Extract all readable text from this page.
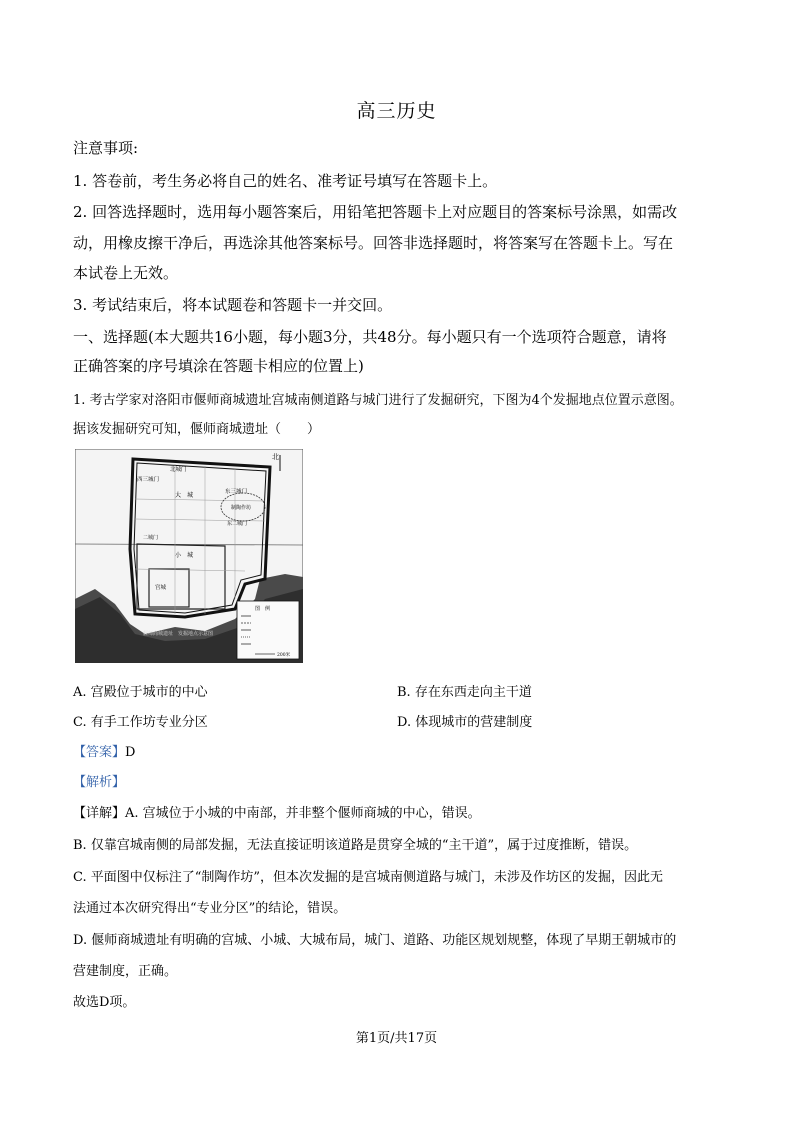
高三历史
注意事项:
1. 答卷前，考生务必将自己的姓名、准考证号填写在答题卡上。
2. 回答选择题时，选用每小题答案后，用铅笔把答题卡上对应题目的答案标号涂黑，如需改
动，用橡皮擦干净后，再选涂其他答案标号。回答非选择题时，将答案写在答题卡上。写在
本试卷上无效。
3. 考试结束后，将本试题卷和答题卡一并交回。
一、选择题(本大题共16小题，每小题3分，共48分。每小题只有一个选项符合题意，请将
正确答案的序号填涂在答题卡相应的位置上)
1. 考古学家对洛阳市偃师商城遗址宫城南侧道路与城门进行了发掘研究，下图为4个发掘地点位置示意图。
据该发掘研究可知，偃师商城遗址（　　）
北
西三城门
北城门
大　城	东三城门
制陶作坊
东二城门
二城门
小　城
宫城
图　例
200米
偃师商城遗址　发掘地点示意图
A. 宫殿位于城市的中心	B. 存在东西走向主干道
C. 有手工作坊专业分区	D. 体现城市的营建制度
【答案】D
【解析】
【详解】A. 宫城位于小城的中南部，并非整个偃师商城的中心，错误。
B. 仅靠宫城南侧的局部发掘，无法直接证明该道路是贯穿全城的“主干道”，属于过度推断，错误。
C. 平面图中仅标注了“制陶作坊”，但本次发掘的是宫城南侧道路与城门，未涉及作坊区的发掘，因此无
法通过本次研究得出“专业分区”的结论，错误。
D. 偃师商城遗址有明确的宫城、小城、大城布局，城门、道路、功能区规划规整，体现了早期王朝城市的
营建制度，正确。
故选D项。
第1页/共17页
